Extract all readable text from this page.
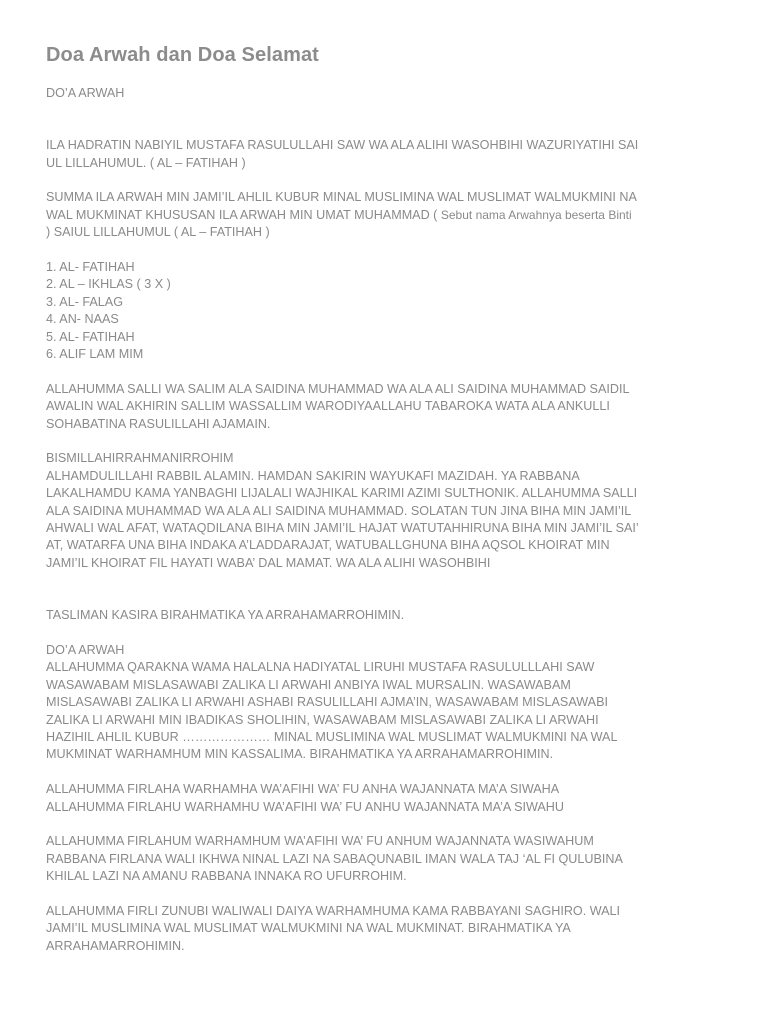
Doa Arwah dan Doa Selamat

DO’A ARWAH

ILA HADRATIN NABIYIL MUSTAFA RASULULLAHI SAW WA ALA ALIHI WASOHBIHI WAZURIYATIHI SAI
UL LILLAHUMUL. ( AL – FATIHAH )

SUMMA ILA ARWAH MIN JAMI’IL AHLIL KUBUR MINAL MUSLIMINA WAL MUSLIMAT WALMUKMINI NA
WAL MUKMINAT KHUSUSAN ILA ARWAH MIN UMAT MUHAMMAD ( Sebut nama Arwahnya beserta Binti
) SAIUL LILLAHUMUL ( AL – FATIHAH )

1. AL- FATIHAH
2. AL – IKHLAS ( 3 X )
3. AL- FALAG
4. AN- NAAS
5. AL- FATIHAH
6. ALIF LAM MIM

ALLAHUMMA SALLI WA SALIM ALA SAIDINA MUHAMMAD WA ALA ALI SAIDINA MUHAMMAD SAIDIL
AWALIN WAL AKHIRIN SALLIM WASSALLIM WARODIYAALLAHU TABAROKA WATA ALA ANKULLI
SOHABATINA RASULILLAHI AJAMAIN.

BISMILLAHIRRAHMANIRROHIM
ALHAMDULILLAHI RABBIL ALAMIN. HAMDAN SAKIRIN WAYUKAFI MAZIDAH. YA RABBANA
LAKALHAMDU KAMA YANBAGHI LIJALALI WAJHIKAL KARIMI AZIMI SULTHONIK. ALLAHUMMA SALLI
ALA SAIDINA MUHAMMAD WA ALA ALI SAIDINA MUHAMMAD. SOLATAN TUN JINA BIHA MIN JAMI’IL
AHWALI WAL AFAT, WATAQDILANA BIHA MIN JAMI’IL HAJAT WATUTAHHIRUNA BIHA MIN JAMI’IL SAI’
AT, WATARFA UNA BIHA INDAKA A’LADDARAJAT, WATUBALLGHUNA BIHA AQSOL KHOIRAT MIN
JAMI’IL KHOIRAT FIL HAYATI WABA’ DAL MAMAT. WA ALA ALIHI WASOHBIHI

TASLIMAN KASIRA BIRAHMATIKA YA ARRAHAMARROHIMIN.

DO’A ARWAH
ALLAHUMMA QARAKNA WAMA HALALNA HADIYATAL LIRUHI MUSTAFA RASULULLLAHI SAW
WASAWABAM MISLASAWABI ZALIKA LI ARWAHI ANBIYA IWAL MURSALIN. WASAWABAM
MISLASAWABI ZALIKA LI ARWAHI ASHABI RASULILLAHI AJMA’IN, WASAWABAM MISLASAWABI
ZALIKA LI ARWAHI MIN IBADIKAS SHOLIHIN, WASAWABAM MISLASAWABI ZALIKA LI ARWAHI
HAZIHIL AHLIL KUBUR ………………… MINAL MUSLIMINA WAL MUSLIMAT WALMUKMINI NA WAL
MUKMINAT WARHAMHUM MIN KASSALIMA. BIRAHMATIKA YA ARRAHAMARROHIMIN.

ALLAHUMMA FIRLAHA WARHAMHA WA’AFIHI WA’ FU ANHA WAJANNATA MA’A SIWAHA
ALLAHUMMA FIRLAHU WARHAMHU WA’AFIHI WA’ FU ANHU WAJANNATA MA’A SIWAHU

ALLAHUMMA FIRLAHUM WARHAMHUM WA’AFIHI WA’ FU ANHUM WAJANNATA WASIWAHUM
RABBANA FIRLANA WALI IKHWA NINAL LAZI NA SABAQUNABIL IMAN WALA TAJ ‘AL FI QULUBINA
KHILAL LAZI NA AMANU RABBANA INNAKA RO UFURROHIM.

ALLAHUMMA FIRLI ZUNUBI WALIWALI DAIYA WARHAMHUMA KAMA RABBAYANI SAGHIRO. WALI
JAMI’IL MUSLIMINA WAL MUSLIMAT WALMUKMINI NA WAL MUKMINAT. BIRAHMATIKA YA
ARRAHAMARROHIMIN.
